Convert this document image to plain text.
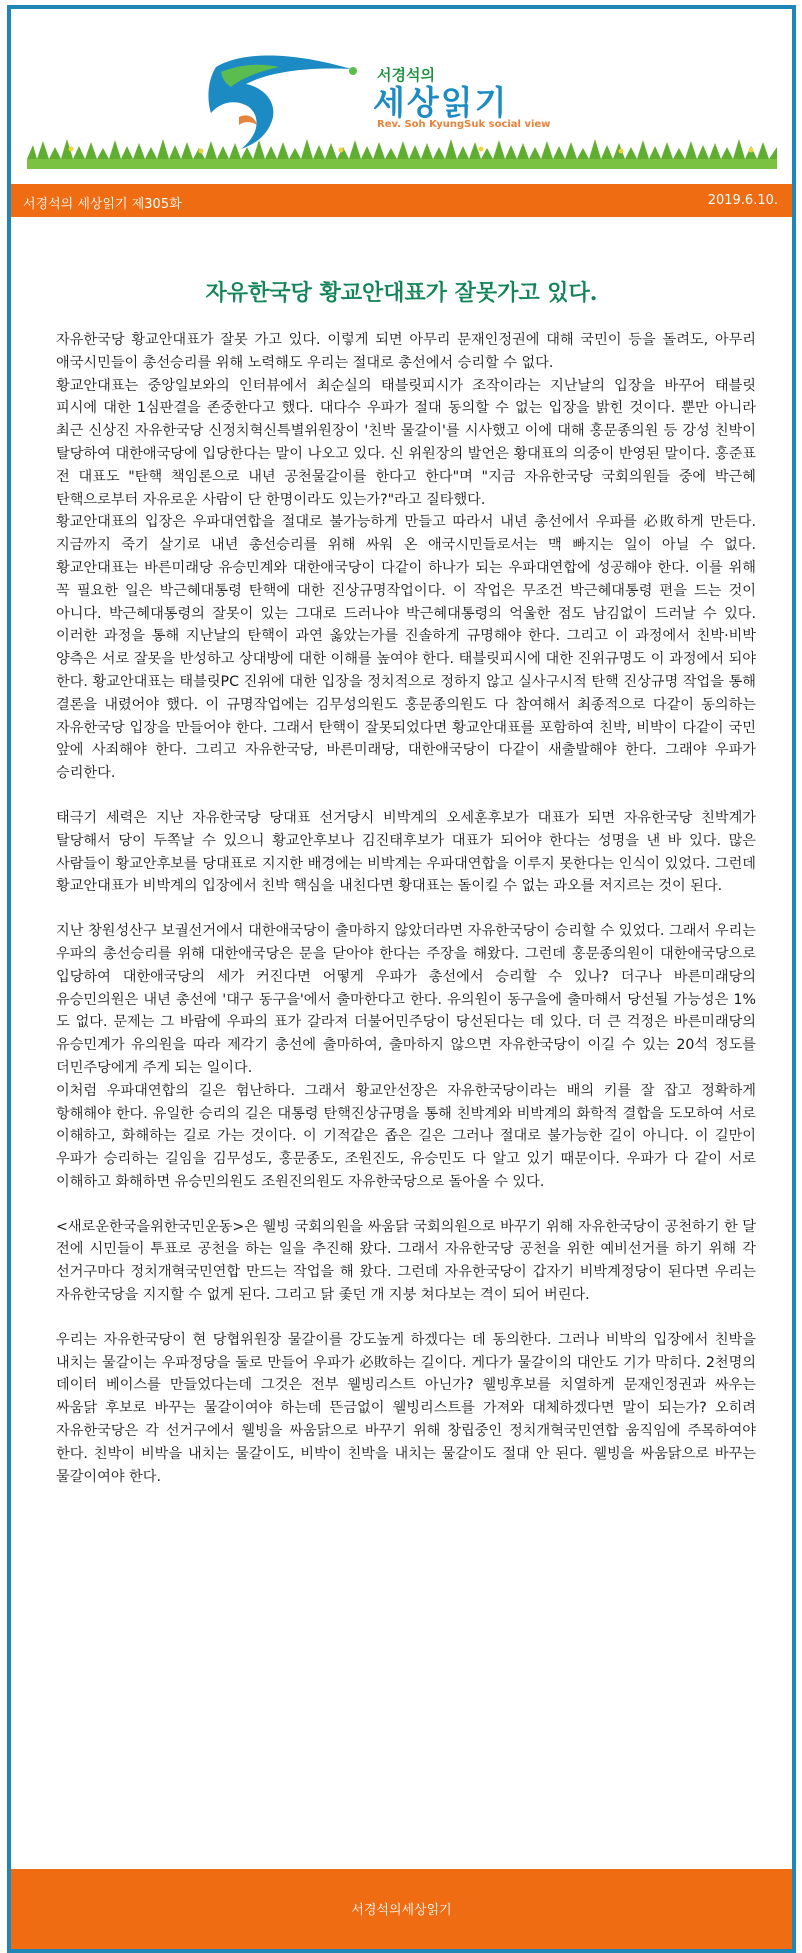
서경석의
세상읽기
Rev. Soh KyungSuk social view
서경석의 세상읽기 제305화	2019.6.10.
자유한국당 황교안대표가 잘못가고 있다.

자유한국당 황교안대표가 잘못 가고 있다. 이렇게 되면 아무리 문재인정권에 대해 국민이 등을 돌려도, 아무리 애국시민들이 총선승리를 위해 노력해도 우리는 절대로 총선에서 승리할 수 없다.

황교안대표는 중앙일보와의 인터뷰에서 최순실의 태블릿피시가 조작이라는 지난날의 입장을 바꾸어 태블릿 피시에 대한 1심판결을 존중한다고 했다. 대다수 우파가 절대 동의할 수 없는 입장을 밝힌 것이다. 뿐만 아니라 최근 신상진 자유한국당 신정치혁신특별위원장이 '친박 물갈이'를 시사했고 이에 대해 홍문종의원 등 강성 친박이 탈당하여 대한애국당에 입당한다는 말이 나오고 있다. 신 위원장의 발언은 황대표의 의중이 반영된 말이다. 홍준표 전 대표도 "탄핵 책임론으로 내년 공천물갈이를 한다고 한다"며 "지금 자유한국당 국회의원들 중에 박근혜 탄핵으로부터 자유로운 사람이 단 한명이라도 있는가?"라고 질타했다.

황교안대표의 입장은 우파대연합을 절대로 불가능하게 만들고 따라서 내년 총선에서 우파를 必敗하게 만든다. 지금까지 죽기 살기로 내년 총선승리를 위해 싸워 온 애국시민들로서는 맥 빠지는 일이 아닐 수 없다. 황교안대표는 바른미래당 유승민계와 대한애국당이 다같이 하나가 되는 우파대연합에 성공해야 한다. 이를 위해 꼭 필요한 일은 박근혜대통령 탄핵에 대한 진상규명작업이다. 이 작업은 무조건 박근혜대통령 편을 드는 것이 아니다. 박근혜대통령의 잘못이 있는 그대로 드러나야 박근혜대통령의 억울한 점도 남김없이 드러날 수 있다. 이러한 과정을 통해 지난날의 탄핵이 과연 옳았는가를 진솔하게 규명해야 한다. 그리고 이 과정에서 친박·비박 양측은 서로 잘못을 반성하고 상대방에 대한 이해를 높여야 한다. 태블릿피시에 대한 진위규명도 이 과정에서 되야 한다. 황교안대표는 태블릿PC 진위에 대한 입장을 정치적으로 정하지 않고 실사구시적 탄핵 진상규명 작업을 통해 결론을 내렸어야 했다. 이 규명작업에는 김무성의원도 홍문종의원도 다 참여해서 최종적으로 다같이 동의하는 자유한국당 입장을 만들어야 한다. 그래서 탄핵이 잘못되었다면 황교안대표를 포함하여 친박, 비박이 다같이 국민 앞에 사죄해야 한다. 그리고 자유한국당, 바른미래당, 대한애국당이 다같이 새출발해야 한다. 그래야 우파가 승리한다.

태극기 세력은 지난 자유한국당 당대표 선거당시 비박계의 오세훈후보가 대표가 되면 자유한국당 친박계가 탈당해서 당이 두쪽날 수 있으니 황교안후보나 김진태후보가 대표가 되어야 한다는 성명을 낸 바 있다. 많은 사람들이 황교안후보를 당대표로 지지한 배경에는 비박계는 우파대연합을 이루지 못한다는 인식이 있었다. 그런데 황교안대표가 비박계의 입장에서 친박 핵심을 내친다면 황대표는 돌이킬 수 없는 과오를 저지르는 것이 된다.

지난 창원성산구 보궐선거에서 대한애국당이 출마하지 않았더라면 자유한국당이 승리할 수 있었다. 그래서 우리는 우파의 총선승리를 위해 대한애국당은 문을 닫아야 한다는 주장을 해왔다. 그런데 홍문종의원이 대한애국당으로 입당하여 대한애국당의 세가 커진다면 어떻게 우파가 총선에서 승리할 수 있나? 더구나 바른미래당의 유승민의원은 내년 총선에 '대구 동구을'에서 출마한다고 한다. 유의원이 동구을에 출마해서 당선될 가능성은 1%도 없다. 문제는 그 바람에 우파의 표가 갈라져 더불어민주당이 당선된다는 데 있다. 더 큰 걱정은 바른미래당의 유승민계가 유의원을 따라 제각기 총선에 출마하여, 출마하지 않으면 자유한국당이 이길 수 있는 20석 정도를 더민주당에게 주게 되는 일이다.

이처럼 우파대연합의 길은 험난하다. 그래서 황교안선장은 자유한국당이라는 배의 키를 잘 잡고 정확하게 항해해야 한다. 유일한 승리의 길은 대통령 탄핵진상규명을 통해 친박계와 비박계의 화학적 결합을 도모하여 서로 이해하고, 화해하는 길로 가는 것이다. 이 기적같은 좁은 길은 그러나 절대로 불가능한 길이 아니다. 이 길만이 우파가 승리하는 길임을 김무성도, 홍문종도, 조원진도, 유승민도 다 알고 있기 때문이다. 우파가 다 같이 서로 이해하고 화해하면 유승민의원도 조원진의원도 자유한국당으로 돌아올 수 있다.

<새로운한국을위한국민운동>은 웰빙 국회의원을 싸움닭 국회의원으로 바꾸기 위해 자유한국당이 공천하기 한 달 전에 시민들이 투표로 공천을 하는 일을 추진해 왔다. 그래서 자유한국당 공천을 위한 예비선거를 하기 위해 각 선거구마다 정치개혁국민연합 만드는 작업을 해 왔다. 그런데 자유한국당이 갑자기 비박계정당이 된다면 우리는 자유한국당을 지지할 수 없게 된다. 그리고 닭 좇던 개 지붕 쳐다보는 격이 되어 버린다.

우리는 자유한국당이 현 당협위원장 물갈이를 강도높게 하겠다는 데 동의한다. 그러나 비박의 입장에서 친박을 내치는 물갈이는 우파정당을 둘로 만들어 우파가 必敗하는 길이다. 게다가 물갈이의 대안도 기가 막히다. 2천명의 데이터 베이스를 만들었다는데 그것은 전부 웰빙리스트 아닌가? 웰빙후보를 치열하게 문재인정권과 싸우는 싸움닭 후보로 바꾸는 물갈이여야 하는데 뜬금없이 웰빙리스트를 가져와 대체하겠다면 말이 되는가? 오히려 자유한국당은 각 선거구에서 웰빙을 싸움닭으로 바꾸기 위해 창립중인 정치개혁국민연합 움직임에 주목하여야 한다. 친박이 비박을 내치는 물갈이도, 비박이 친박을 내치는 물갈이도 절대 안 된다. 웰빙을 싸움닭으로 바꾸는 물갈이여야 한다.

서경석의세상읽기
